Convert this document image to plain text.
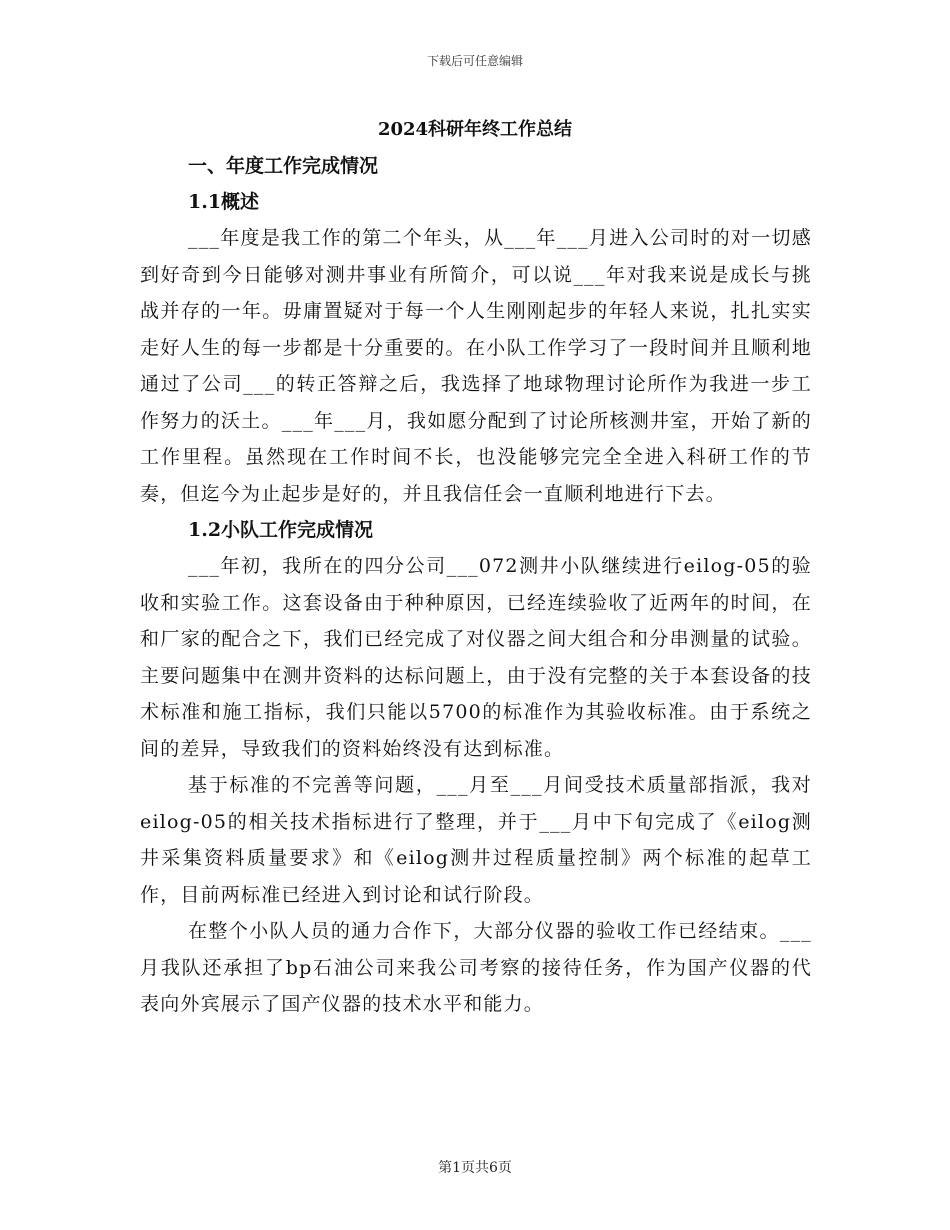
下载后可任意编辑
2024科研年终工作总结

一、年度工作完成情况

1.1概述

___年度是我工作的第二个年头，从___年___月进入公司时的对一切感到好奇到今日能够对测井事业有所简介，可以说___年对我来说是成长与挑战并存的一年。毋庸置疑对于每一个人生刚刚起步的年轻人来说，扎扎实实走好人生的每一步都是十分重要的。在小队工作学习了一段时间并且顺利地通过了公司___的转正答辩之后，我选择了地球物理讨论所作为我进一步工作努力的沃土。___年___月，我如愿分配到了讨论所核测井室，开始了新的工作里程。虽然现在工作时间不长，也没能够完完全全进入科研工作的节奏，但迄今为止起步是好的，并且我信任会一直顺利地进行下去。

1.2小队工作完成情况

___年初，我所在的四分公司___072测井小队继续进行eilog-05的验收和实验工作。这套设备由于种种原因，已经连续验收了近两年的时间，在和厂家的配合之下，我们已经完成了对仪器之间大组合和分串测量的试验。主要问题集中在测井资料的达标问题上，由于没有完整的关于本套设备的技术标准和施工指标，我们只能以5700的标准作为其验收标准。由于系统之间的差异，导致我们的资料始终没有达到标准。

基于标准的不完善等问题，___月至___月间受技术质量部指派，我对eilog-05的相关技术指标进行了整理，并于___月中下旬完成了《eilog测井采集资料质量要求》和《eilog测井过程质量控制》两个标准的起草工作，目前两标准已经进入到讨论和试行阶段。

在整个小队人员的通力合作下，大部分仪器的验收工作已经结束。___月我队还承担了bp石油公司来我公司考察的接待任务，作为国产仪器的代表向外宾展示了国产仪器的技术水平和能力。

第1页共6页
